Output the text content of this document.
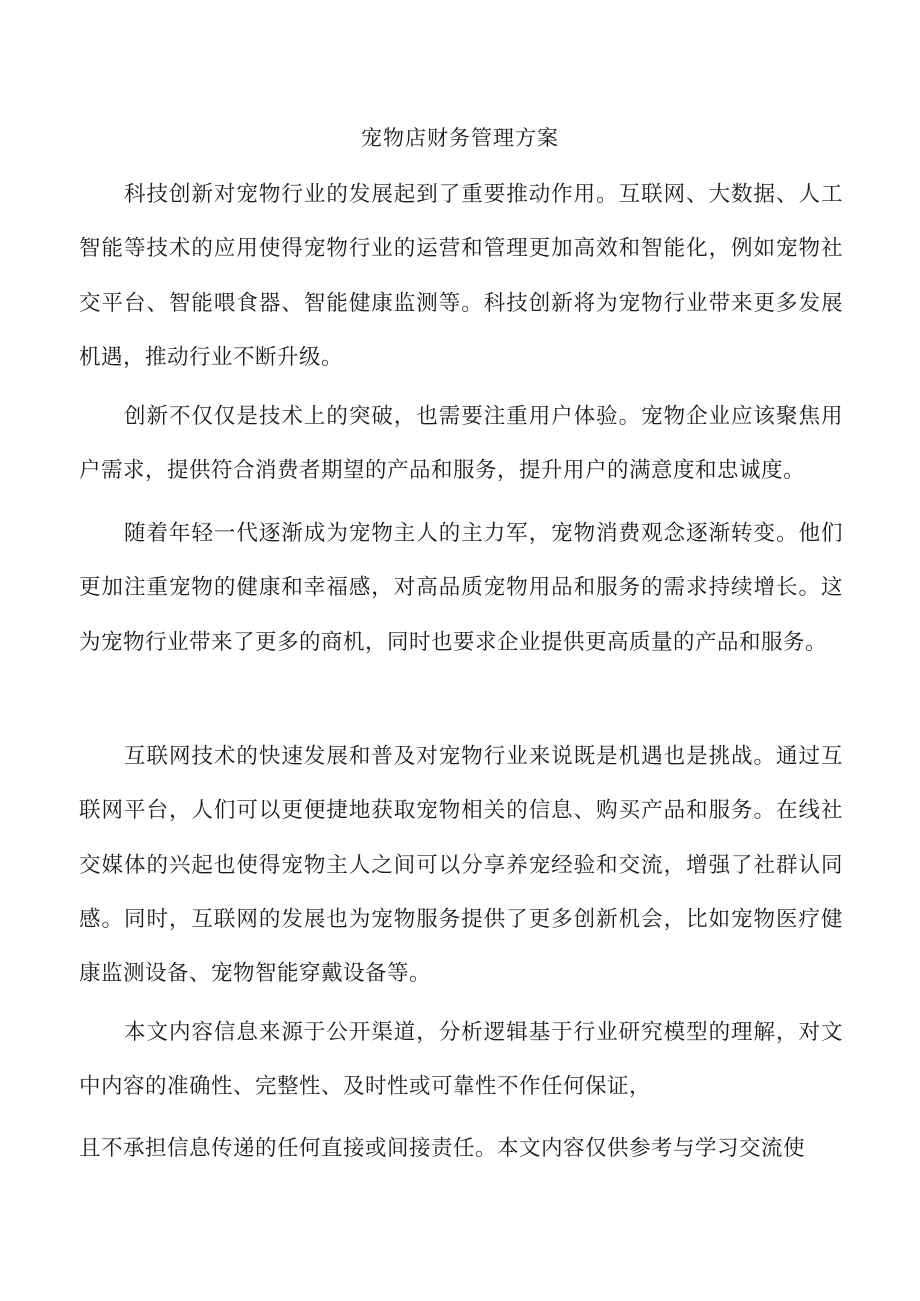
宠物店财务管理方案

科技创新对宠物行业的发展起到了重要推动作用。互联网、大数据、人工智能等技术的应用使得宠物行业的运营和管理更加高效和智能化，例如宠物社交平台、智能喂食器、智能健康监测等。科技创新将为宠物行业带来更多发展机遇，推动行业不断升级。

创新不仅仅是技术上的突破，也需要注重用户体验。宠物企业应该聚焦用户需求，提供符合消费者期望的产品和服务，提升用户的满意度和忠诚度。

随着年轻一代逐渐成为宠物主人的主力军，宠物消费观念逐渐转变。他们更加注重宠物的健康和幸福感，对高品质宠物用品和服务的需求持续增长。这为宠物行业带来了更多的商机，同时也要求企业提供更高质量的产品和服务。

互联网技术的快速发展和普及对宠物行业来说既是机遇也是挑战。通过互联网平台，人们可以更便捷地获取宠物相关的信息、购买产品和服务。在线社交媒体的兴起也使得宠物主人之间可以分享养宠经验和交流，增强了社群认同感。同时，互联网的发展也为宠物服务提供了更多创新机会，比如宠物医疗健康监测设备、宠物智能穿戴设备等。

本文内容信息来源于公开渠道，分析逻辑基于行业研究模型的理解，对文中内容的准确性、完整性、及时性或可靠性不作任何保证，

且不承担信息传递的任何直接或间接责任。本文内容仅供参考与学习交流使
